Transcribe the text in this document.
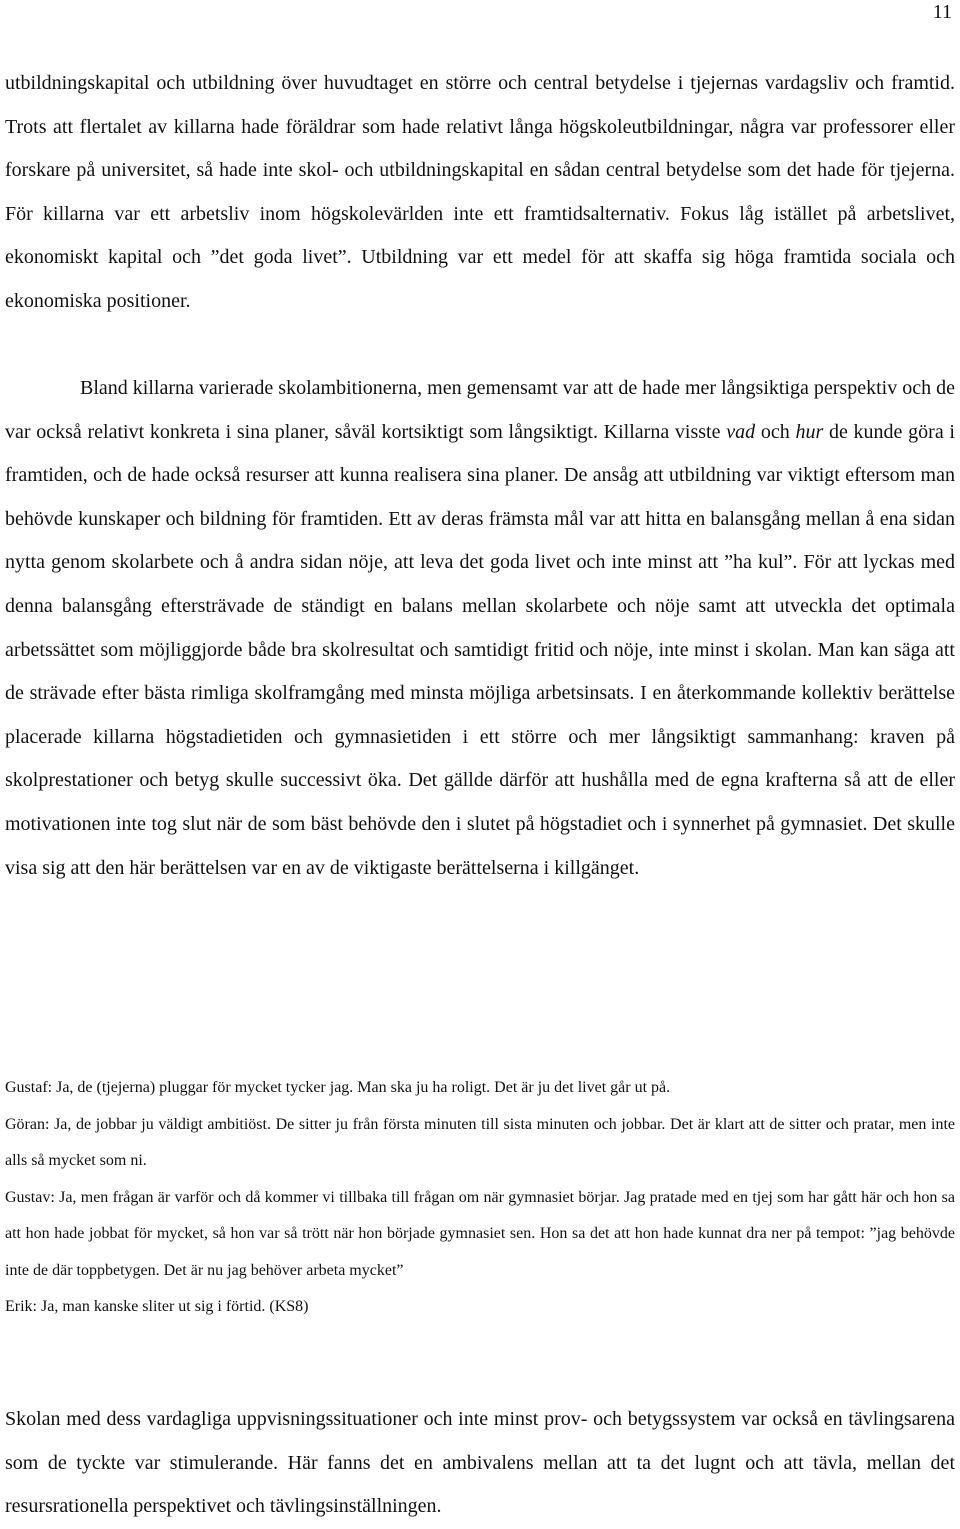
11

utbildningskapital och utbildning över huvudtaget en större och central betydelse i tjejernas vardagsliv och framtid. Trots att flertalet av killarna hade föräldrar som hade relativt långa högskoleutbildningar, några var professorer eller forskare på universitet, så hade inte skol- och utbildningskapital en sådan central betydelse som det hade för tjejerna. För killarna var ett arbetsliv inom högskolevärlden inte ett framtidsalternativ. Fokus låg istället på arbetslivet, ekonomiskt kapital och ”det goda livet”. Utbildning var ett medel för att skaffa sig höga framtida sociala och ekonomiska positioner.

Bland killarna varierade skolambitionerna, men gemensamt var att de hade mer långsiktiga perspektiv och de var också relativt konkreta i sina planer, såväl kortsiktigt som långsiktigt. Killarna visste vad och hur de kunde göra i framtiden, och de hade också resurser att kunna realisera sina planer. De ansåg att utbildning var viktigt eftersom man behövde kunskaper och bildning för framtiden. Ett av deras främsta mål var att hitta en balansgång mellan å ena sidan nytta genom skolarbete och å andra sidan nöje, att leva det goda livet och inte minst att ”ha kul”. För att lyckas med denna balansgång eftersträvade de ständigt en balans mellan skolarbete och nöje samt att utveckla det optimala arbetssättet som möjliggjorde både bra skolresultat och samtidigt fritid och nöje, inte minst i skolan. Man kan säga att de strävade efter bästa rimliga skolframgång med minsta möjliga arbetsinsats. I en återkommande kollektiv berättelse placerade killarna högstadietiden och gymnasietiden i ett större och mer långsiktigt sammanhang: kraven på skolprestationer och betyg skulle successivt öka. Det gällde därför att hushålla med de egna krafterna så att de eller motivationen inte tog slut när de som bäst behövde den i slutet på högstadiet och i synnerhet på gymnasiet. Det skulle visa sig att den här berättelsen var en av de viktigaste berättelserna i killgänget.

Gustaf: Ja, de (tjejerna) pluggar för mycket tycker jag. Man ska ju ha roligt. Det är ju det livet går ut på.

Göran: Ja, de jobbar ju väldigt ambitiöst. De sitter ju från första minuten till sista minuten och jobbar. Det är klart att de sitter och pratar, men inte alls så mycket som ni.

Gustav: Ja, men frågan är varför och då kommer vi tillbaka till frågan om när gymnasiet börjar. Jag pratade med en tjej som har gått här och hon sa att hon hade jobbat för mycket, så hon var så trött när hon började gymnasiet sen. Hon sa det att hon hade kunnat dra ner på tempot: ”jag behövde inte de där toppbetygen. Det är nu jag behöver arbeta mycket”

Erik: Ja, man kanske sliter ut sig i förtid. (KS8)

Skolan med dess vardagliga uppvisningssituationer och inte minst prov- och betygssystem var också en tävlingsarena som de tyckte var stimulerande. Här fanns det en ambivalens mellan att ta det lugnt och att tävla, mellan det resursrationella perspektivet och tävlingsinställningen.
